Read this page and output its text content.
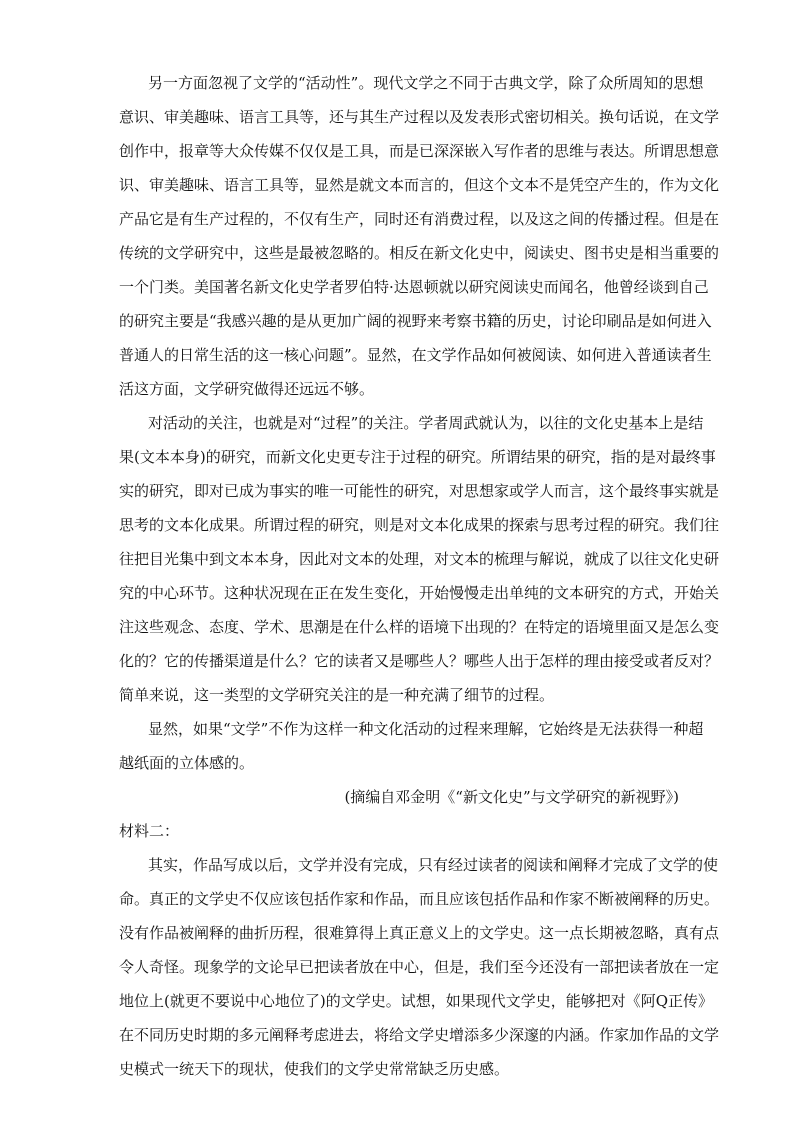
另一方面忽视了文学的“活动性”。现代文学之不同于古典文学，除了众所周知的思想
意识、审美趣味、语言工具等，还与其生产过程以及发表形式密切相关。换句话说，在文学
创作中，报章等大众传媒不仅仅是工具，而是已深深嵌入写作者的思维与表达。所谓思想意
识、审美趣味、语言工具等，显然是就文本而言的，但这个文本不是凭空产生的，作为文化
产品它是有生产过程的，不仅有生产，同时还有消费过程，以及这之间的传播过程。但是在
传统的文学研究中，这些是最被忽略的。相反在新文化史中，阅读史、图书史是相当重要的
一个门类。美国著名新文化史学者罗伯特·达恩顿就以研究阅读史而闻名，他曾经谈到自己
的研究主要是“我感兴趣的是从更加广阔的视野来考察书籍的历史，讨论印刷品是如何进入
普通人的日常生活的这一核心问题”。显然，在文学作品如何被阅读、如何进入普通读者生
活这方面，文学研究做得还远远不够。
对活动的关注，也就是对“过程”的关注。学者周武就认为，以往的文化史基本上是结
果(文本本身)的研究，而新文化史更专注于过程的研究。所谓结果的研究，指的是对最终事
实的研究，即对已成为事实的唯一可能性的研究，对思想家或学人而言，这个最终事实就是
思考的文本化成果。所谓过程的研究，则是对文本化成果的探索与思考过程的研究。我们往
往把目光集中到文本本身，因此对文本的处理，对文本的梳理与解说，就成了以往文化史研
究的中心环节。这种状况现在正在发生变化，开始慢慢走出单纯的文本研究的方式，开始关
注这些观念、态度、学术、思潮是在什么样的语境下出现的？在特定的语境里面又是怎么变
化的？它的传播渠道是什么？它的读者又是哪些人？哪些人出于怎样的理由接受或者反对？
简单来说，这一类型的文学研究关注的是一种充满了细节的过程。
显然，如果“文学”不作为这样一种文化活动的过程来理解，它始终是无法获得一种超
越纸面的立体感的。
(摘编自邓金明《“新文化史”与文学研究的新视野》)
材料二：
其实，作品写成以后，文学并没有完成，只有经过读者的阅读和阐释才完成了文学的使
命。真正的文学史不仅应该包括作家和作品，而且应该包括作品和作家不断被阐释的历史。
没有作品被阐释的曲折历程，很难算得上真正意义上的文学史。这一点长期被忽略，真有点
令人奇怪。现象学的文论早已把读者放在中心，但是，我们至今还没有一部把读者放在一定
地位上(就更不要说中心地位了)的文学史。试想，如果现代文学史，能够把对《阿Q正传》
在不同历史时期的多元阐释考虑进去，将给文学史增添多少深邃的内涵。作家加作品的文学
史模式一统天下的现状，使我们的文学史常常缺乏历史感。
